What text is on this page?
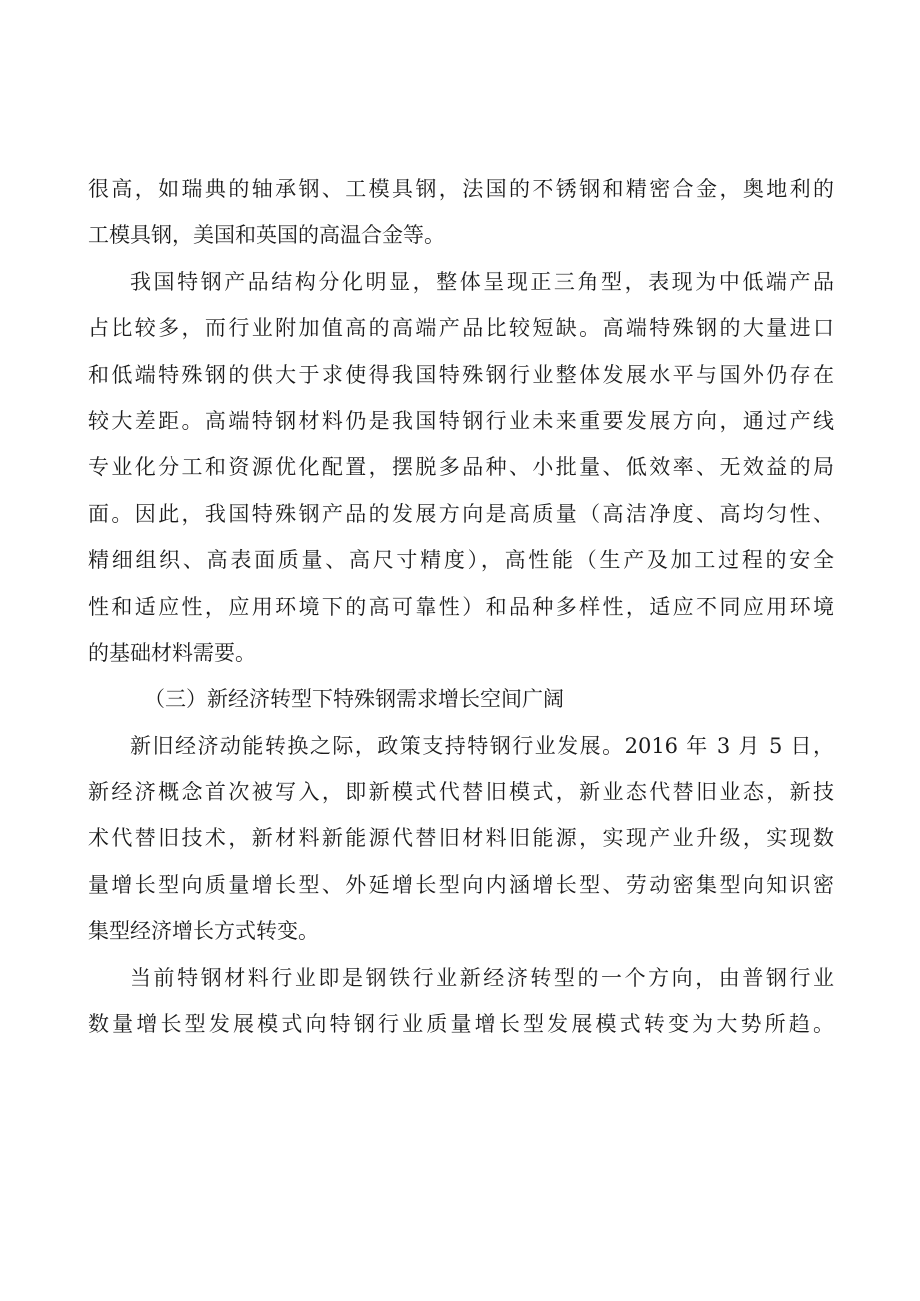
很高，如瑞典的轴承钢、工模具钢，法国的不锈钢和精密合金，奥地利的
工模具钢，美国和英国的高温合金等。
我国特钢产品结构分化明显，整体呈现正三角型，表现为中低端产品
占比较多，而行业附加值高的高端产品比较短缺。高端特殊钢的大量进口
和低端特殊钢的供大于求使得我国特殊钢行业整体发展水平与国外仍存在
较大差距。高端特钢材料仍是我国特钢行业未来重要发展方向，通过产线
专业化分工和资源优化配置，摆脱多品种、小批量、低效率、无效益的局
面。因此，我国特殊钢产品的发展方向是高质量（高洁净度、高均匀性、
精细组织、高表面质量、高尺寸精度），高性能（生产及加工过程的安全
性和适应性，应用环境下的高可靠性）和品种多样性，适应不同应用环境
的基础材料需要。
（三）新经济转型下特殊钢需求增长空间广阔
新旧经济动能转换之际，政策支持特钢行业发展。2016 年 3 月 5 日，
新经济概念首次被写入，即新模式代替旧模式，新业态代替旧业态，新技
术代替旧技术，新材料新能源代替旧材料旧能源，实现产业升级，实现数
量增长型向质量增长型、外延增长型向内涵增长型、劳动密集型向知识密
集型经济增长方式转变。
当前特钢材料行业即是钢铁行业新经济转型的一个方向，由普钢行业
数量增长型发展模式向特钢行业质量增长型发展模式转变为大势所趋。
